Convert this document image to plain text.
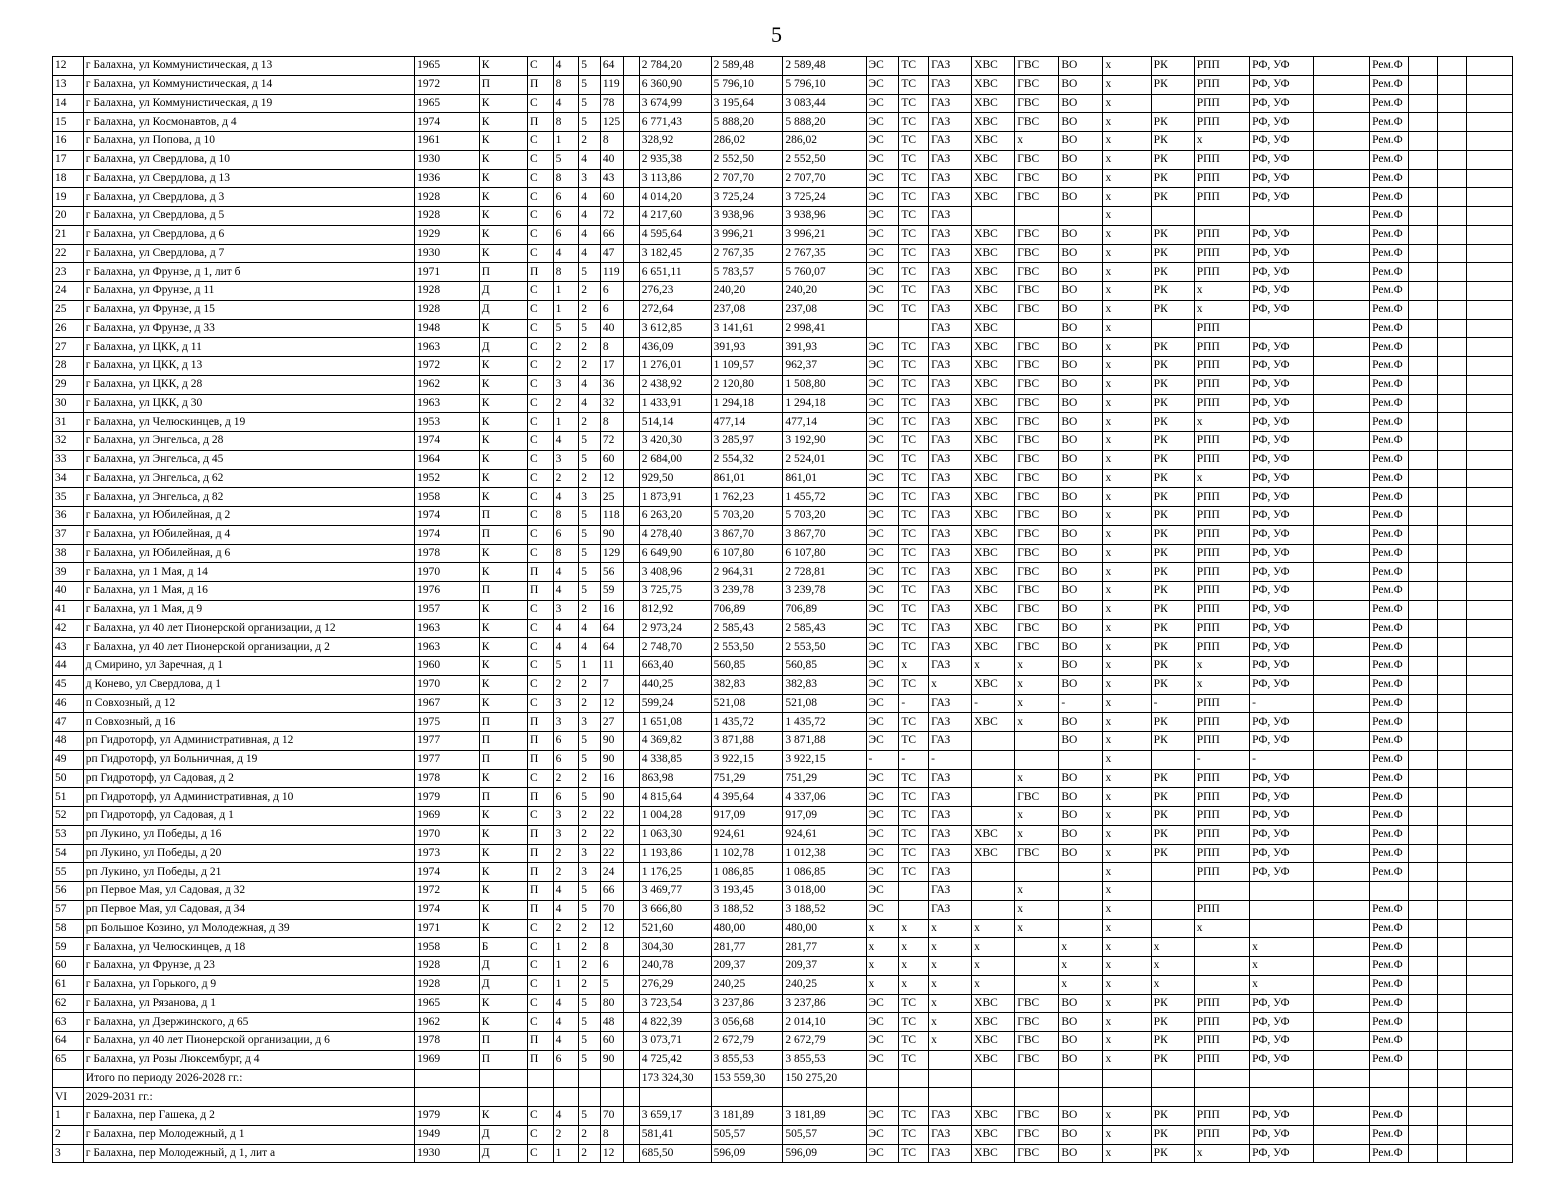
5
12	г Балахна, ул Коммунистическая, д 13	1965	К	С	4	5	64		2 784,20	2 589,48	2 589,48	ЭС	ТС	ГАЗ	ХВС	ГВС	ВО	х	РК	РПП	РФ, УФ		Рем.Ф			
13	г Балахна, ул Коммунистическая, д 14	1972	П	П	8	5	119		6 360,90	5 796,10	5 796,10	ЭС	ТС	ГАЗ	ХВС	ГВС	ВО	х	РК	РПП	РФ, УФ		Рем.Ф			
14	г Балахна, ул Коммунистическая, д 19	1965	К	С	4	5	78		3 674,99	3 195,64	3 083,44	ЭС	ТС	ГАЗ	ХВС	ГВС	ВО	х		РПП	РФ, УФ		Рем.Ф			
15	г Балахна, ул Космонавтов, д 4	1974	К	П	8	5	125		6 771,43	5 888,20	5 888,20	ЭС	ТС	ГАЗ	ХВС	ГВС	ВО	х	РК	РПП	РФ, УФ		Рем.Ф			
16	г Балахна, ул Попова, д 10	1961	К	С	1	2	8		328,92	286,02	286,02	ЭС	ТС	ГАЗ	ХВС	х	ВО	х	РК	х	РФ, УФ		Рем.Ф			
17	г Балахна, ул Свердлова, д 10	1930	К	С	5	4	40		2 935,38	2 552,50	2 552,50	ЭС	ТС	ГАЗ	ХВС	ГВС	ВО	х	РК	РПП	РФ, УФ		Рем.Ф			
18	г Балахна, ул Свердлова, д 13	1936	К	С	8	3	43		3 113,86	2 707,70	2 707,70	ЭС	ТС	ГАЗ	ХВС	ГВС	ВО	х	РК	РПП	РФ, УФ		Рем.Ф			
19	г Балахна, ул Свердлова, д 3	1928	К	С	6	4	60		4 014,20	3 725,24	3 725,24	ЭС	ТС	ГАЗ	ХВС	ГВС	ВО	х	РК	РПП	РФ, УФ		Рем.Ф			
20	г Балахна, ул Свердлова, д 5	1928	К	С	6	4	72		4 217,60	3 938,96	3 938,96	ЭС	ТС	ГАЗ				х					Рем.Ф			
21	г Балахна, ул Свердлова, д 6	1929	К	С	6	4	66		4 595,64	3 996,21	3 996,21	ЭС	ТС	ГАЗ	ХВС	ГВС	ВО	х	РК	РПП	РФ, УФ		Рем.Ф			
22	г Балахна, ул Свердлова, д 7	1930	К	С	4	4	47		3 182,45	2 767,35	2 767,35	ЭС	ТС	ГАЗ	ХВС	ГВС	ВО	х	РК	РПП	РФ, УФ		Рем.Ф			
23	г Балахна, ул Фрунзе, д 1, лит б	1971	П	П	8	5	119		6 651,11	5 783,57	5 760,07	ЭС	ТС	ГАЗ	ХВС	ГВС	ВО	х	РК	РПП	РФ, УФ		Рем.Ф			
24	г Балахна, ул Фрунзе, д 11	1928	Д	С	1	2	6		276,23	240,20	240,20	ЭС	ТС	ГАЗ	ХВС	ГВС	ВО	х	РК	х	РФ, УФ		Рем.Ф			
25	г Балахна, ул Фрунзе, д 15	1928	Д	С	1	2	6		272,64	237,08	237,08	ЭС	ТС	ГАЗ	ХВС	ГВС	ВО	х	РК	х	РФ, УФ		Рем.Ф			
26	г Балахна, ул Фрунзе, д 33	1948	К	С	5	5	40		3 612,85	3 141,61	2 998,41			ГАЗ	ХВС		ВО	х		РПП			Рем.Ф			
27	г Балахна, ул ЦКК, д 11	1963	Д	С	2	2	8		436,09	391,93	391,93	ЭС	ТС	ГАЗ	ХВС	ГВС	ВО	х	РК	РПП	РФ, УФ		Рем.Ф			
28	г Балахна, ул ЦКК, д 13	1972	К	С	2	2	17		1 276,01	1 109,57	962,37	ЭС	ТС	ГАЗ	ХВС	ГВС	ВО	х	РК	РПП	РФ, УФ		Рем.Ф			
29	г Балахна, ул ЦКК, д 28	1962	К	С	3	4	36		2 438,92	2 120,80	1 508,80	ЭС	ТС	ГАЗ	ХВС	ГВС	ВО	х	РК	РПП	РФ, УФ		Рем.Ф			
30	г Балахна, ул ЦКК, д 30	1963	К	С	2	4	32		1 433,91	1 294,18	1 294,18	ЭС	ТС	ГАЗ	ХВС	ГВС	ВО	х	РК	РПП	РФ, УФ		Рем.Ф			
31	г Балахна, ул Челюскинцев, д 19	1953	К	С	1	2	8		514,14	477,14	477,14	ЭС	ТС	ГАЗ	ХВС	ГВС	ВО	х	РК	х	РФ, УФ		Рем.Ф			
32	г Балахна, ул Энгельса, д 28	1974	К	С	4	5	72		3 420,30	3 285,97	3 192,90	ЭС	ТС	ГАЗ	ХВС	ГВС	ВО	х	РК	РПП	РФ, УФ		Рем.Ф			
33	г Балахна, ул Энгельса, д 45	1964	К	С	3	5	60		2 684,00	2 554,32	2 524,01	ЭС	ТС	ГАЗ	ХВС	ГВС	ВО	х	РК	РПП	РФ, УФ		Рем.Ф			
34	г Балахна, ул Энгельса, д 62	1952	К	С	2	2	12		929,50	861,01	861,01	ЭС	ТС	ГАЗ	ХВС	ГВС	ВО	х	РК	х	РФ, УФ		Рем.Ф			
35	г Балахна, ул Энгельса, д 82	1958	К	С	4	3	25		1 873,91	1 762,23	1 455,72	ЭС	ТС	ГАЗ	ХВС	ГВС	ВО	х	РК	РПП	РФ, УФ		Рем.Ф			
36	г Балахна, ул Юбилейная, д 2	1974	П	С	8	5	118		6 263,20	5 703,20	5 703,20	ЭС	ТС	ГАЗ	ХВС	ГВС	ВО	х	РК	РПП	РФ, УФ		Рем.Ф			
37	г Балахна, ул Юбилейная, д 4	1974	П	С	6	5	90		4 278,40	3 867,70	3 867,70	ЭС	ТС	ГАЗ	ХВС	ГВС	ВО	х	РК	РПП	РФ, УФ		Рем.Ф			
38	г Балахна, ул Юбилейная, д 6	1978	К	С	8	5	129		6 649,90	6 107,80	6 107,80	ЭС	ТС	ГАЗ	ХВС	ГВС	ВО	х	РК	РПП	РФ, УФ		Рем.Ф			
39	г Балахна, ул 1 Мая, д 14	1970	К	П	4	5	56		3 408,96	2 964,31	2 728,81	ЭС	ТС	ГАЗ	ХВС	ГВС	ВО	х	РК	РПП	РФ, УФ		Рем.Ф			
40	г Балахна, ул 1 Мая, д 16	1976	П	П	4	5	59		3 725,75	3 239,78	3 239,78	ЭС	ТС	ГАЗ	ХВС	ГВС	ВО	х	РК	РПП	РФ, УФ		Рем.Ф			
41	г Балахна, ул 1 Мая, д 9	1957	К	С	3	2	16		812,92	706,89	706,89	ЭС	ТС	ГАЗ	ХВС	ГВС	ВО	х	РК	РПП	РФ, УФ		Рем.Ф			
42	г Балахна, ул 40 лет Пионерской организации, д 12	1963	К	С	4	4	64		2 973,24	2 585,43	2 585,43	ЭС	ТС	ГАЗ	ХВС	ГВС	ВО	х	РК	РПП	РФ, УФ		Рем.Ф			
43	г Балахна, ул 40 лет Пионерской организации, д 2	1963	К	С	4	4	64		2 748,70	2 553,50	2 553,50	ЭС	ТС	ГАЗ	ХВС	ГВС	ВО	х	РК	РПП	РФ, УФ		Рем.Ф			
44	д Смирино, ул Заречная, д 1	1960	К	С	5	1	11		663,40	560,85	560,85	ЭС	х	ГАЗ	х	х	ВО	х	РК	х	РФ, УФ		Рем.Ф			
45	д Конево, ул Свердлова, д 1	1970	К	С	2	2	7		440,25	382,83	382,83	ЭС	ТС	х	ХВС	х	ВО	х	РК	х	РФ, УФ		Рем.Ф			
46	п Совхозный, д 12	1967	К	С	3	2	12		599,24	521,08	521,08	ЭС	-	ГАЗ	-	х	-	х	-	РПП	-		Рем.Ф			
47	п Совхозный, д 16	1975	П	П	3	3	27		1 651,08	1 435,72	1 435,72	ЭС	ТС	ГАЗ	ХВС	х	ВО	х	РК	РПП	РФ, УФ		Рем.Ф			
48	рп Гидроторф, ул Административная, д 12	1977	П	П	6	5	90		4 369,82	3 871,88	3 871,88	ЭС	ТС	ГАЗ			ВО	х	РК	РПП	РФ, УФ		Рем.Ф			
49	рп Гидроторф, ул Больничная, д 19	1977	П	П	6	5	90		4 338,85	3 922,15	3 922,15	-	-	-				х		-	-		Рем.Ф			
50	рп Гидроторф, ул Садовая, д 2	1978	К	С	2	2	16		863,98	751,29	751,29	ЭС	ТС	ГАЗ		х	ВО	х	РК	РПП	РФ, УФ		Рем.Ф			
51	рп Гидроторф, ул Административная, д 10	1979	П	П	6	5	90		4 815,64	4 395,64	4 337,06	ЭС	ТС	ГАЗ		ГВС	ВО	х	РК	РПП	РФ, УФ		Рем.Ф			
52	рп Гидроторф, ул Садовая, д 1	1969	К	С	3	2	22		1 004,28	917,09	917,09	ЭС	ТС	ГАЗ		х	ВО	х	РК	РПП	РФ, УФ		Рем.Ф			
53	рп Лукино, ул Победы, д 16	1970	К	П	3	2	22		1 063,30	924,61	924,61	ЭС	ТС	ГАЗ	ХВС	х	ВО	х	РК	РПП	РФ, УФ		Рем.Ф			
54	рп Лукино, ул Победы, д 20	1973	К	П	2	3	22		1 193,86	1 102,78	1 012,38	ЭС	ТС	ГАЗ	ХВС	ГВС	ВО	х	РК	РПП	РФ, УФ		Рем.Ф			
55	рп Лукино, ул Победы, д 21	1974	К	П	2	3	24		1 176,25	1 086,85	1 086,85	ЭС	ТС	ГАЗ				х		РПП	РФ, УФ		Рем.Ф			
56	рп Первое Мая, ул Садовая, д 32	1972	К	П	4	5	66		3 469,77	3 193,45	3 018,00	ЭС		ГАЗ		х		х								
57	рп Первое Мая, ул Садовая, д 34	1974	К	П	4	5	70		3 666,80	3 188,52	3 188,52	ЭС		ГАЗ		х		х		РПП			Рем.Ф			
58	рп Большое Козино, ул Молодежная, д 39	1971	К	С	2	2	12		521,60	480,00	480,00	х	х	х	х	х		х		х			Рем.Ф			
59	г Балахна, ул Челюскинцев, д 18	1958	Б	С	1	2	8		304,30	281,77	281,77	х	х	х	х		х	х	х		х		Рем.Ф			
60	г Балахна, ул Фрунзе, д 23	1928	Д	С	1	2	6		240,78	209,37	209,37	х	х	х	х		х	х	х		х		Рем.Ф			
61	г Балахна, ул Горького, д 9	1928	Д	С	1	2	5		276,29	240,25	240,25	х	х	х	х		х	х	х		х		Рем.Ф			
62	г Балахна, ул Рязанова, д 1	1965	К	С	4	5	80		3 723,54	3 237,86	3 237,86	ЭС	ТС	х	ХВС	ГВС	ВО	х	РК	РПП	РФ, УФ		Рем.Ф			
63	г Балахна, ул Дзержинского, д 65	1962	К	С	4	5	48		4 822,39	3 056,68	2 014,10	ЭС	ТС	х	ХВС	ГВС	ВО	х	РК	РПП	РФ, УФ		Рем.Ф			
64	г Балахна, ул 40 лет Пионерской организации, д 6	1978	П	П	4	5	60		3 073,71	2 672,79	2 672,79	ЭС	ТС	х	ХВС	ГВС	ВО	х	РК	РПП	РФ, УФ		Рем.Ф			
65	г Балахна, ул Розы Люксембург, д 4	1969	П	П	6	5	90		4 725,42	3 855,53	3 855,53	ЭС	ТС		ХВС	ГВС	ВО	х	РК	РПП	РФ, УФ		Рем.Ф			
	Итого по периоду 2026-2028 гг.:								173 324,30	153 559,30	150 275,20															
VI	2029-2031 гг.:																									
1	г Балахна, пер Гашека, д 2	1979	К	С	4	5	70		3 659,17	3 181,89	3 181,89	ЭС	ТС	ГАЗ	ХВС	ГВС	ВО	х	РК	РПП	РФ, УФ		Рем.Ф			
2	г Балахна, пер Молодежный, д 1	1949	Д	С	2	2	8		581,41	505,57	505,57	ЭС	ТС	ГАЗ	ХВС	ГВС	ВО	х	РК	РПП	РФ, УФ		Рем.Ф			
3	г Балахна, пер Молодежный, д 1, лит а	1930	Д	С	1	2	12		685,50	596,09	596,09	ЭС	ТС	ГАЗ	ХВС	ГВС	ВО	х	РК	х	РФ, УФ		Рем.Ф			
